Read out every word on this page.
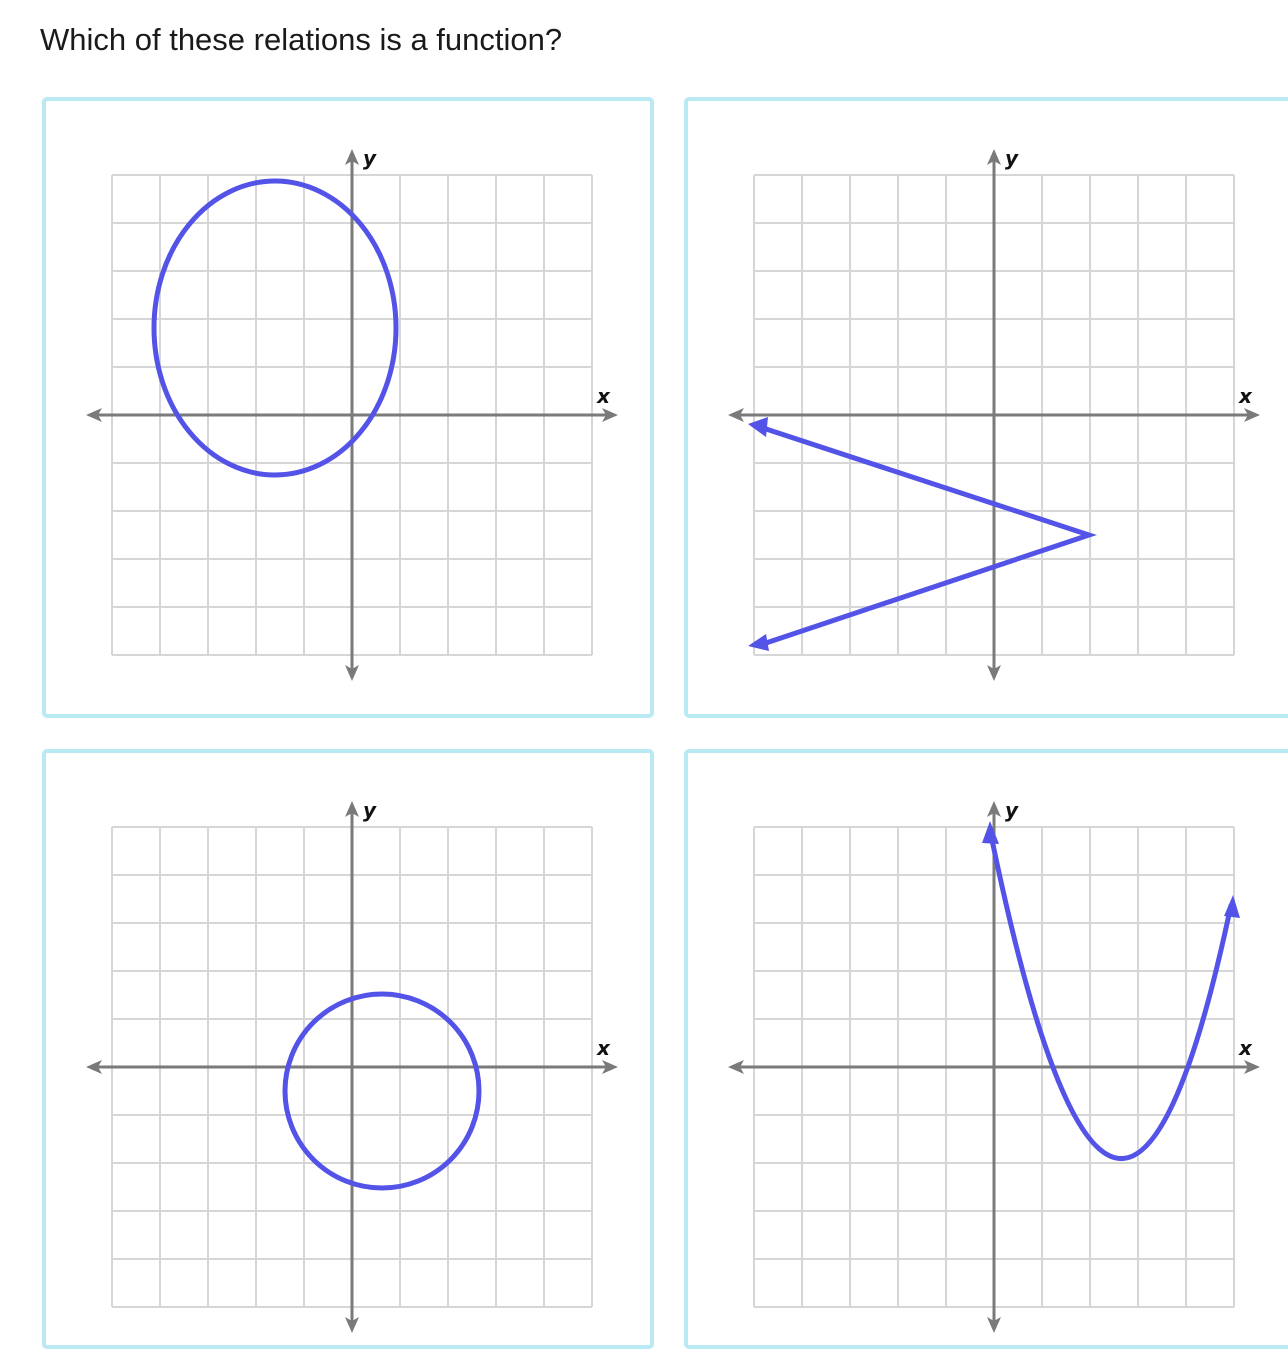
Which of these relations is a function?
x
y
x
y
x
y
x
y
